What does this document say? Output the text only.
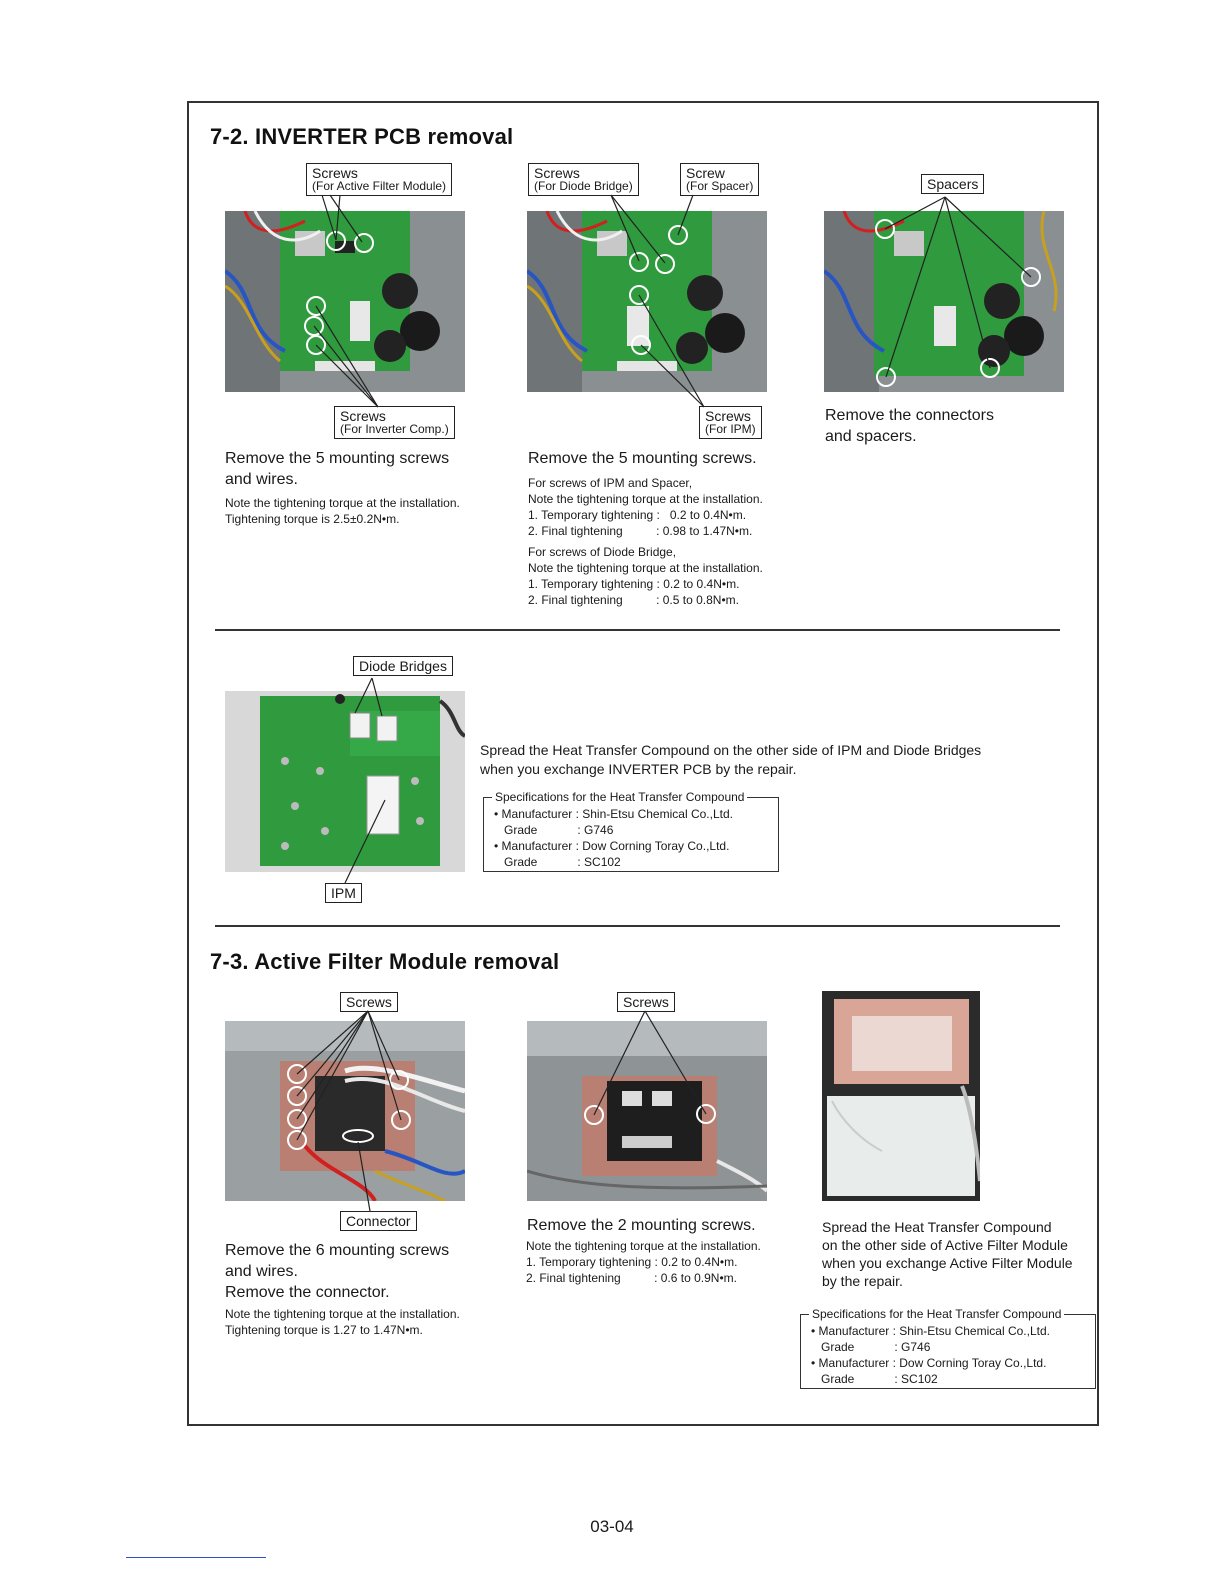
7-2. INVERTER PCB removal
Screws
(For Active Filter Module)
Screws
(For Inverter Comp.)
Remove the 5 mounting screws
and wires.
Note the tightening torque at the installation.
Tightening torque is 2.5±0.2N•m.
Screws
(For Diode Bridge)
Screw
(For Spacer)
Screws
(For IPM)
Remove the 5 mounting screws.
For screws of IPM and Spacer,
Note the tightening torque at the installation.
1. Temporary tightening :   0.2 to 0.4N•m.
2. Final tightening          : 0.98 to 1.47N•m.
For screws of Diode Bridge,
Note the tightening torque at the installation.
1. Temporary tightening : 0.2 to 0.4N•m.
2. Final tightening          : 0.5 to 0.8N•m.
Spacers
Remove the connectors
and spacers.
Diode Bridges
IPM
Spread the Heat Transfer Compound on the other side of IPM and Diode Bridges
when you exchange INVERTER PCB by the repair.
Specifications for the Heat Transfer Compound
• Manufacturer : Shin-Etsu Chemical Co.,Ltd.
Grade            : G746
• Manufacturer : Dow Corning Toray Co.,Ltd.
Grade            : SC102
7-3. Active Filter Module removal
Screws
Connector
Remove the 6 mounting screws
and wires.
Remove the connector.
Note the tightening torque at the installation.
Tightening torque is 1.27 to 1.47N•m.
Screws
Remove the 2 mounting screws.
Note the tightening torque at the installation.
1. Temporary tightening : 0.2 to 0.4N•m.
2. Final tightening          : 0.6 to 0.9N•m.
Spread the Heat Transfer Compound
on the other side of Active Filter Module
when you exchange Active Filter Module
by the repair.
Specifications for the Heat Transfer Compound
• Manufacturer : Shin-Etsu Chemical Co.,Ltd.
Grade            : G746
• Manufacturer : Dow Corning Toray Co.,Ltd.
Grade            : SC102
03-04
